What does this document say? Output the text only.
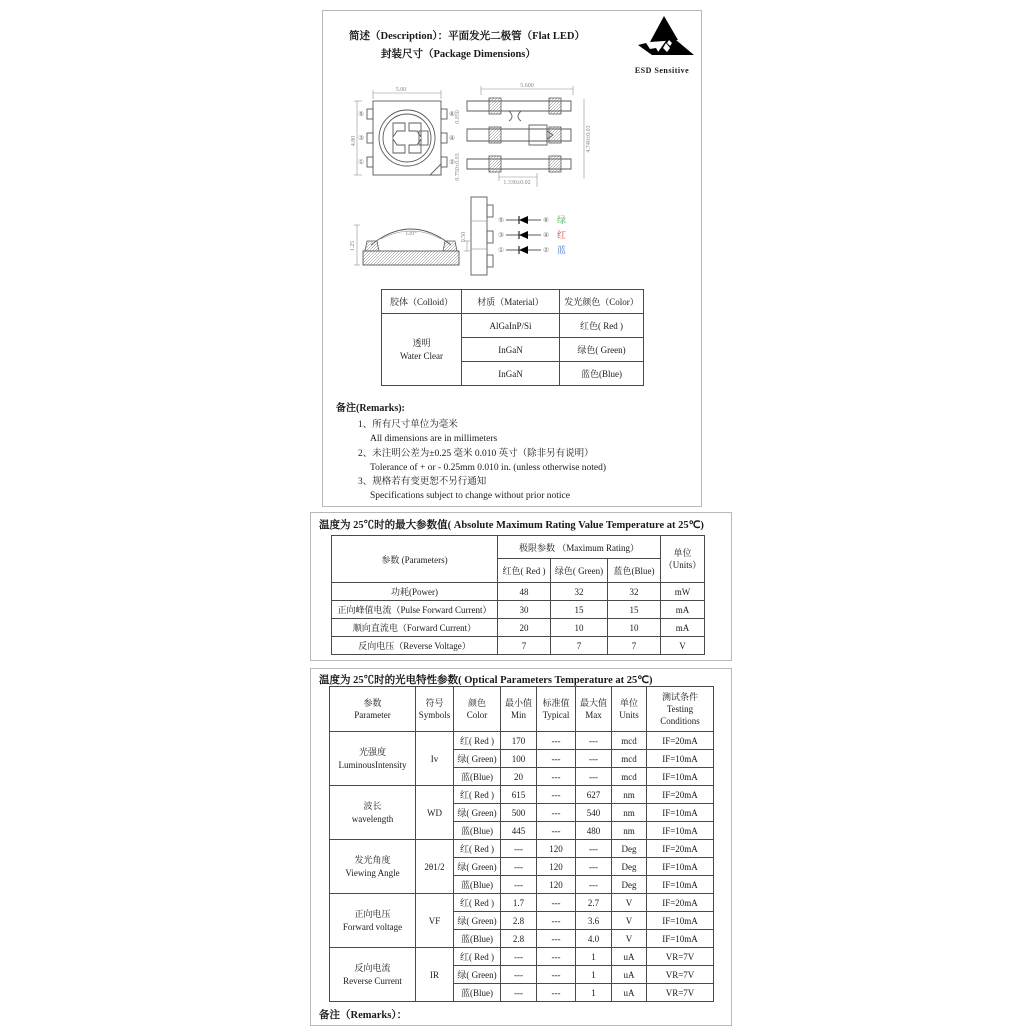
简述（Description）：平面发光二极管（Flat LED）
封装尺寸（Package Dimensions）
ESD Sensitive
5.00
4.80
⑤
③
①
⑥
④
②
5.600
4.740±0.03
0.050
0.750±0.03
1.330±0.02
1.25
120°	0.50
⑤	⑥ 绿
③	④ 红
①	② 蓝
胶体（Colloid）	材质（Material）	发光颜色（Color）

透明
Water Clear	AlGaInP/Si	红色( Red )
	InGaN	绿色( Green)
	InGaN	蓝色(Blue)
备注(Remarks):
1、所有尺寸单位为毫米
All dimensions are in millimeters
2、未注明公差为±0.25 毫米 0.010 英寸（除非另有说明）
Tolerance of + or - 0.25mm 0.010 in. (unless otherwise noted)
3、规格若有变更恕不另行通知
Specifications subject to change without prior notice
温度为 25℃时的最大参数值( Absolute Maximum Rating Value Temperature at 25℃)
参数 (Parameters)	极限参数 （Maximum Rating）			单位
（Units）

	红色( Red )	绿色( Green)	蓝色(Blue)	
功耗(Power)	48	32	32	mW
正向峰值电流（Pulse Forward Current）	30	15	15	mA
顺向直流电（Forward Current）	20	10	10	mA
反向电压（Reverse Voltage）	7	7	7	V
温度为 25℃时的光电特性参数( Optical Parameters Temperature at 25℃)
参数
Parameter	符号
Symbols	颜色
Color	最小值
Min	标准值
Typical	最大值
Max	单位
Units	测试条件
Testing
Conditions

光强度
LuminousIntensity	Iv	红( Red )	170	---	---	mcd	IF=20mA
		绿( Green)	100	---	---	mcd	IF=10mA
		蓝(Blue)	20	---	---	mcd	IF=10mA

波长
wavelength	WD	红( Red )	615	---	627	nm	IF=20mA
		绿( Green)	500	---	540	nm	IF=10mA
		蓝(Blue)	445	---	480	nm	IF=10mA

发光角度
Viewing Angle	2θ1/2	红( Red )	---	120	---	Deg	IF=20mA
		绿( Green)	---	120	---	Deg	IF=10mA
		蓝(Blue)	---	120	---	Deg	IF=10mA

正向电压
Forward voltage	VF	红( Red )	1.7	---	2.7	V	IF=20mA
		绿( Green)	2.8	---	3.6	V	IF=10mA
		蓝(Blue)	2.8	---	4.0	V	IF=10mA

反向电流
Reverse Current	IR	红( Red )	---	---	1	uA	VR=7V
		绿( Green)	---	---	1	uA	VR=7V
		蓝(Blue)	---	---	1	uA	VR=7V
备注（Remarks）：
